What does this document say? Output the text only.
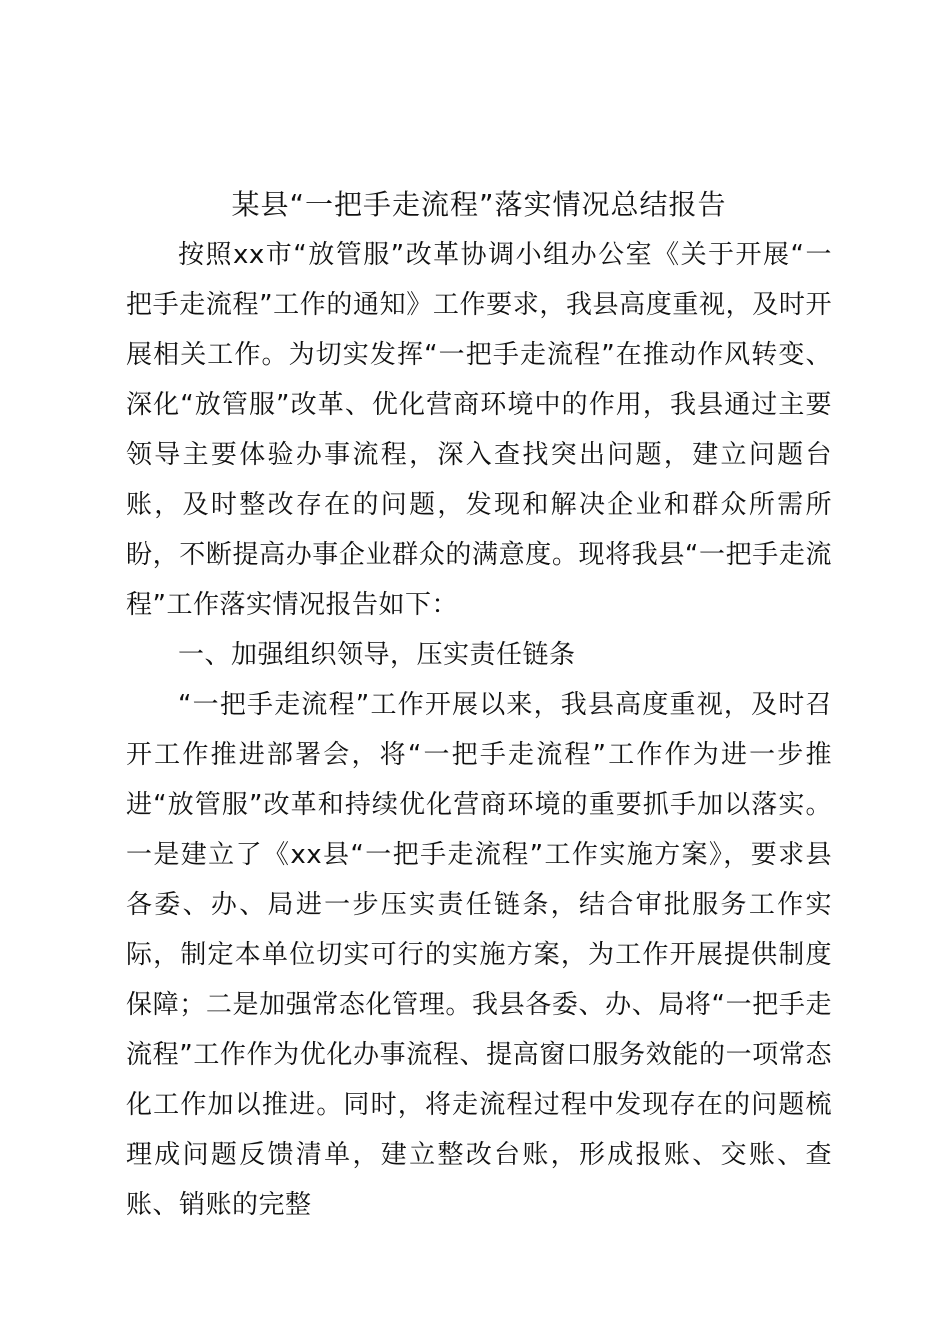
某县“一把手走流程”落实情况总结报告

按照xx市“放管服”改革协调小组办公室《关于开展“一把手走流程”工作的通知》工作要求，我县高度重视，及时开展相关工作。为切实发挥“一把手走流程”在推动作风转变、深化“放管服”改革、优化营商环境中的作用，我县通过主要领导主要体验办事流程，深入查找突出问题，建立问题台账，及时整改存在的问题，发现和解决企业和群众所需所盼，不断提高办事企业群众的满意度。现将我县“一把手走流程”工作落实情况报告如下：

一、加强组织领导，压实责任链条

“一把手走流程”工作开展以来，我县高度重视，及时召开工作推进部署会，将“一把手走流程”工作作为进一步推进“放管服”改革和持续优化营商环境的重要抓手加以落实。一是建立了《xx县“一把手走流程”工作实施方案》，要求县各委、办、局进一步压实责任链条，结合审批服务工作实际，制定本单位切实可行的实施方案，为工作开展提供制度保障；二是加强常态化管理。我县各委、办、局将“一把手走流程”工作作为优化办事流程、提高窗口服务效能的一项常态化工作加以推进。同时，将走流程过程中发现存在的问题梳理成问题反馈清单，建立整改台账，形成报账、交账、查账、销账的完整
